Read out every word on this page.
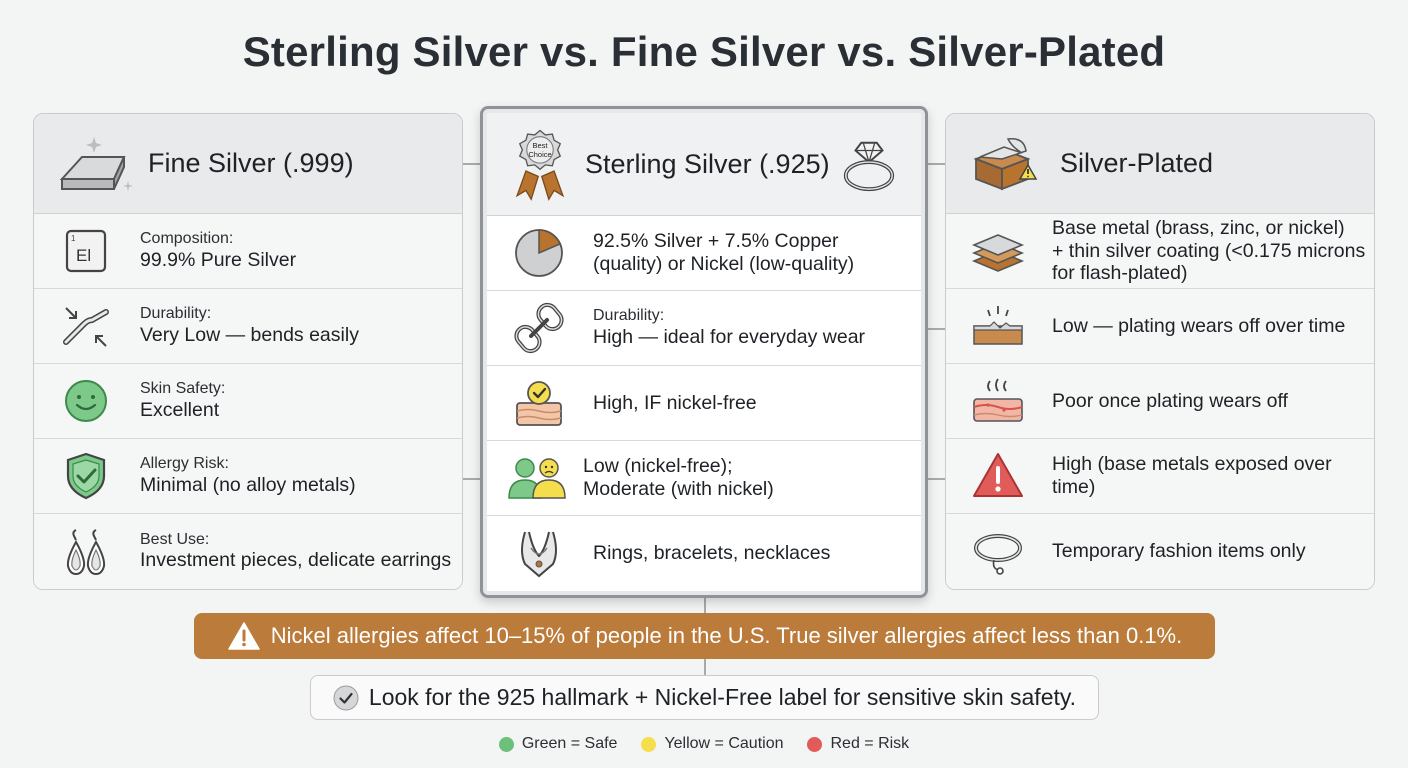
Sterling Silver vs. Fine Silver vs. Silver-Plated
Fine Silver (.999)
1
El
Composition:
99.9% Pure Silver
Durability:
Very Low — bends easily
Skin Safety:
Excellent
Allergy Risk:
Minimal (no alloy metals)
Best Use:
Investment pieces, delicate earrings
Best
Choice Sterling Silver (.925)
92.5% Silver + 7.5% Copper
(quality) or Nickel (low-quality)
Durability:
High — ideal for everyday wear
High, IF nickel-free
Low (nickel-free);
Moderate (with nickel)
Rings, bracelets, necklaces
Silver-Plated
Base metal (brass, zinc, or nickel)
+ thin silver coating (<0.175 microns
for flash-plated)
Low — plating wears off over time
Poor once plating wears off
High (base metals exposed over time)
Temporary fashion items only
Nickel allergies affect 10–15% of people in the U.S. True silver allergies affect less than 0.1%.
Look for the 925 hallmark + Nickel-Free label for sensitive skin safety.
Green = Safe	Yellow = Caution	Red = Risk
